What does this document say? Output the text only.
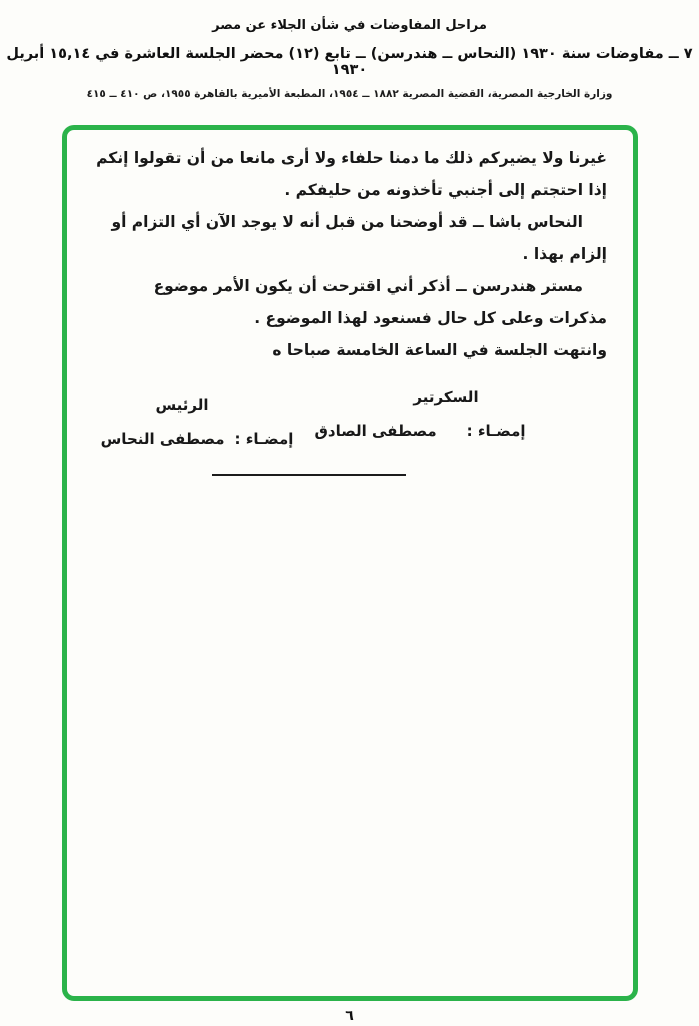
مراحل المفاوضات في شأن الجلاء عن مصر
٧ ــ مفاوضات سنة ١٩٣٠ (النحاس ــ هندرسن) ــ تابع (١٢) محضر الجلسة العاشرة في ١٥,١٤ أبريل ١٩٣٠
وزارة الخارجية المصرية، القضية المصرية ١٨٨٢ ــ ١٩٥٤، المطبعة الأميرية بالقاهرة ١٩٥٥، ص ٤١٠ ــ ٤١٥

غيرنا ولا يضيركم ذلك ما دمنا حلفاء ولا أرى مانعا من أن تقولوا إنكم إذا احتجتم إلى أجنبي تأخذونه من حليفكم .

النحاس باشا ــ قد أوضحنا من قبل أنه لا يوجد الآن أي التزام أو إلزام بهذا .

مستر هندرسن ــ أذكر أني اقترحت أن يكون الأمر موضوع مذكرات وعلى كل حال فسنعود لهذا الموضوع .

وانتهت الجلسة في الساعة الخامسة صباحا ه

السكرتير
الرئيس
إمضـاء :
مصطفى الصادق
إمضـاء :
مصطفى النحاس
٦
